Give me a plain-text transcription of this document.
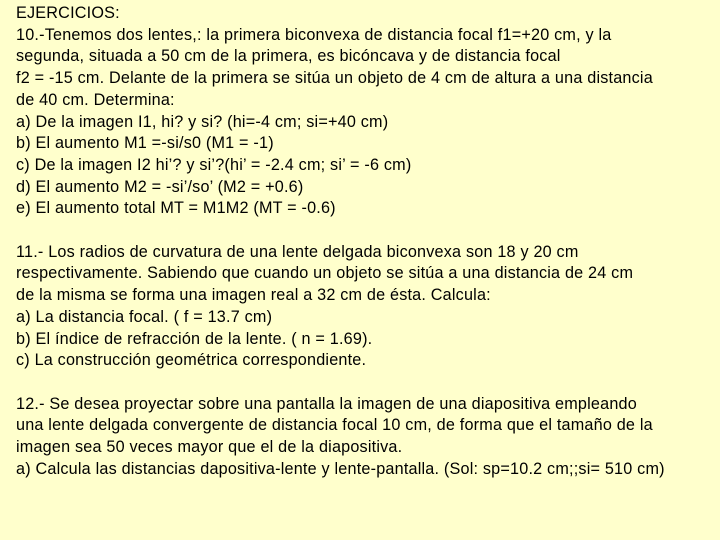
EJERCICIOS:
10.-Tenemos dos lentes,: la primera biconvexa de distancia focal f1=+20 cm, y la
segunda, situada a 50 cm de la primera, es bicóncava y de distancia focal
f2 = -15 cm. Delante de la primera se sitúa un objeto de 4 cm de altura a una distancia
de 40 cm. Determina:
a) De la imagen I1, hi? y si? (hi=-4 cm; si=+40 cm)
b) El aumento M1 =-si/s0 (M1 = -1)
c) De la imagen I2 hi’? y si’?(hi’ = -2.4 cm; si’ = -6 cm)
d) El aumento M2 = -si’/so’ (M2 = +0.6)
e) El aumento total MT = M1M2 (MT = -0.6)
11.- Los radios de curvatura de una lente delgada biconvexa son 18 y 20 cm
respectivamente. Sabiendo que cuando un objeto se sitúa a una distancia de 24 cm
de la misma se forma una imagen real a 32 cm de ésta. Calcula:
a) La distancia focal. ( f = 13.7 cm)
b) El índice de refracción de la lente. ( n = 1.69).
c) La construcción geométrica correspondiente.
12.- Se desea proyectar sobre una pantalla la imagen de una diapositiva empleando
una lente delgada convergente de distancia focal 10 cm, de forma que el tamaño de la
imagen sea 50 veces mayor que el de la diapositiva.
a) Calcula las distancias dapositiva-lente y lente-pantalla. (Sol: sp=10.2 cm;;si= 510 cm)
